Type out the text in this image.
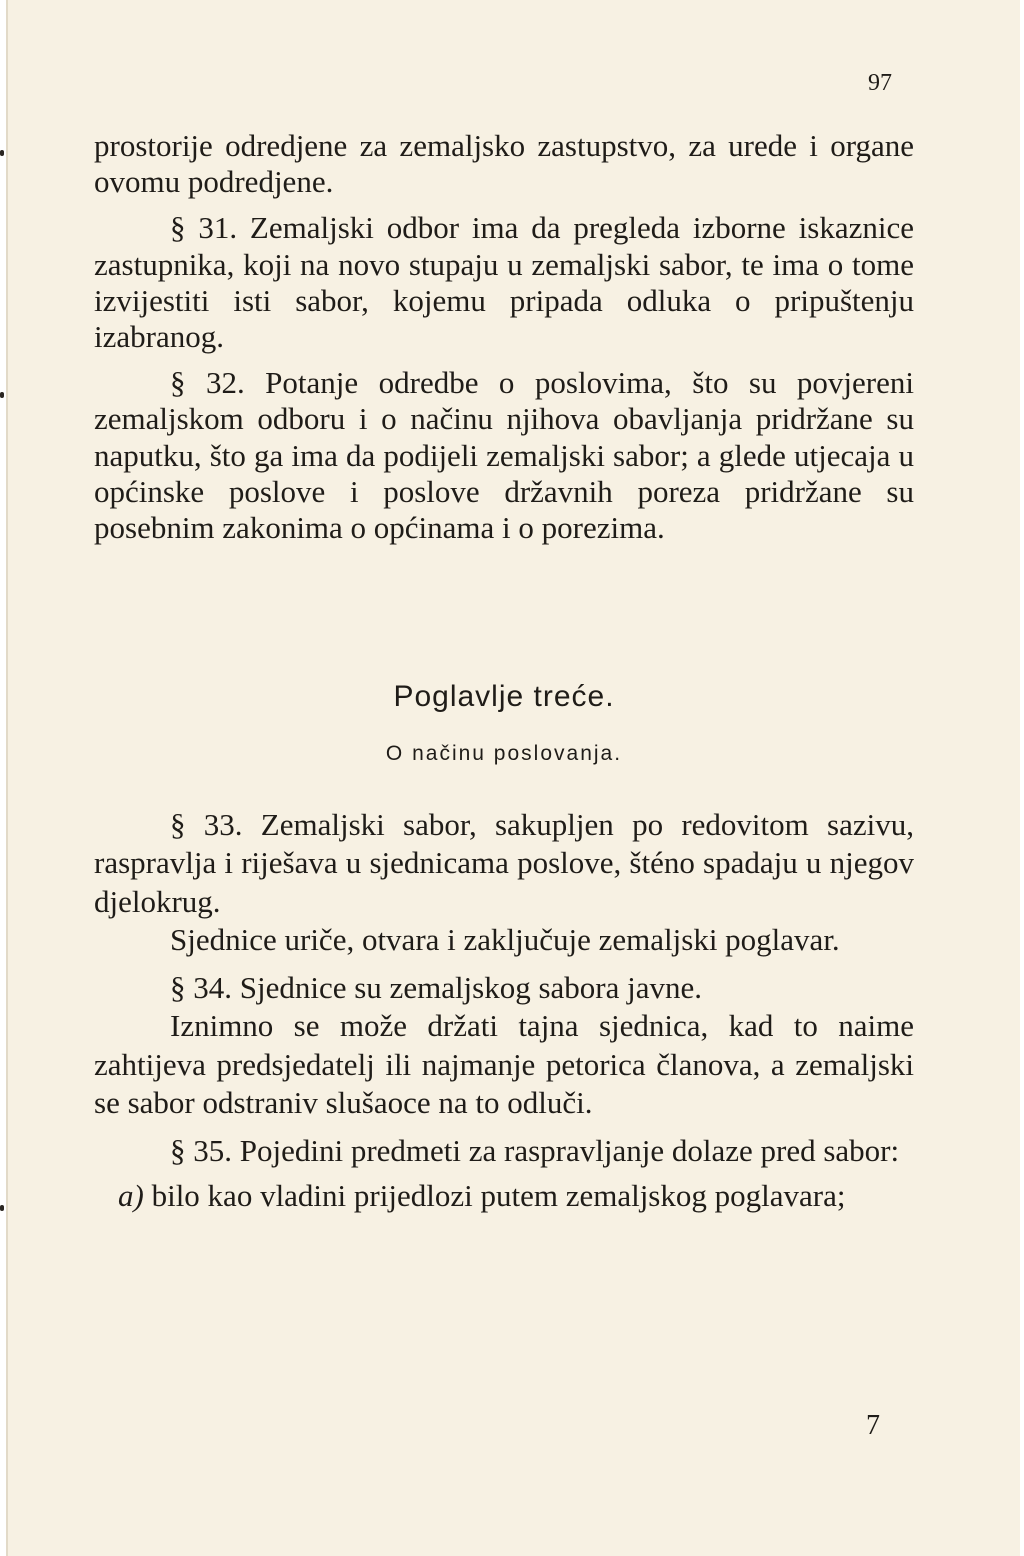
97

prostorije odredjene za zemaljsko zastupstvo, za urede i organe ovomu podredjene.

§ 31. Zemaljski odbor ima da pregleda izborne iskaznice zastupnika, koji na novo stupaju u zemaljski sabor, te ima o tome izvijestiti isti sabor, kojemu pripada odluka o pripuštenju izabranog.

§ 32. Potanje odredbe o poslovima, što su povjereni zemaljskom odboru i o načinu njihova obavljanja pridržane su naputku, što ga ima da podijeli zemaljski sabor; a glede utjecaja u općinske poslove i poslove državnih poreza pridržane su posebnim zakonima o općinama i o porezima.

Poglavlje treće.
O načinu poslovanja.

§ 33. Zemaljski sabor, sakupljen po redovitom sazivu, raspravlja i riješava u sjednicama poslove, šténo spadaju u njegov djelokrug.

Sjednice uriče, otvara i zaključuje zemaljski poglavar.

§ 34. Sjednice su zemaljskog sabora javne.

Iznimno se može držati tajna sjednica, kad to naime zahtijeva predsjedatelj ili najmanje petorica članova, a zemaljski se sabor odstraniv slušaoce na to odluči.

§ 35. Pojedini predmeti za raspravljanje dolaze pred sabor:

a) bilo kao vladini prijedlozi putem zemaljskog poglavara;

7
